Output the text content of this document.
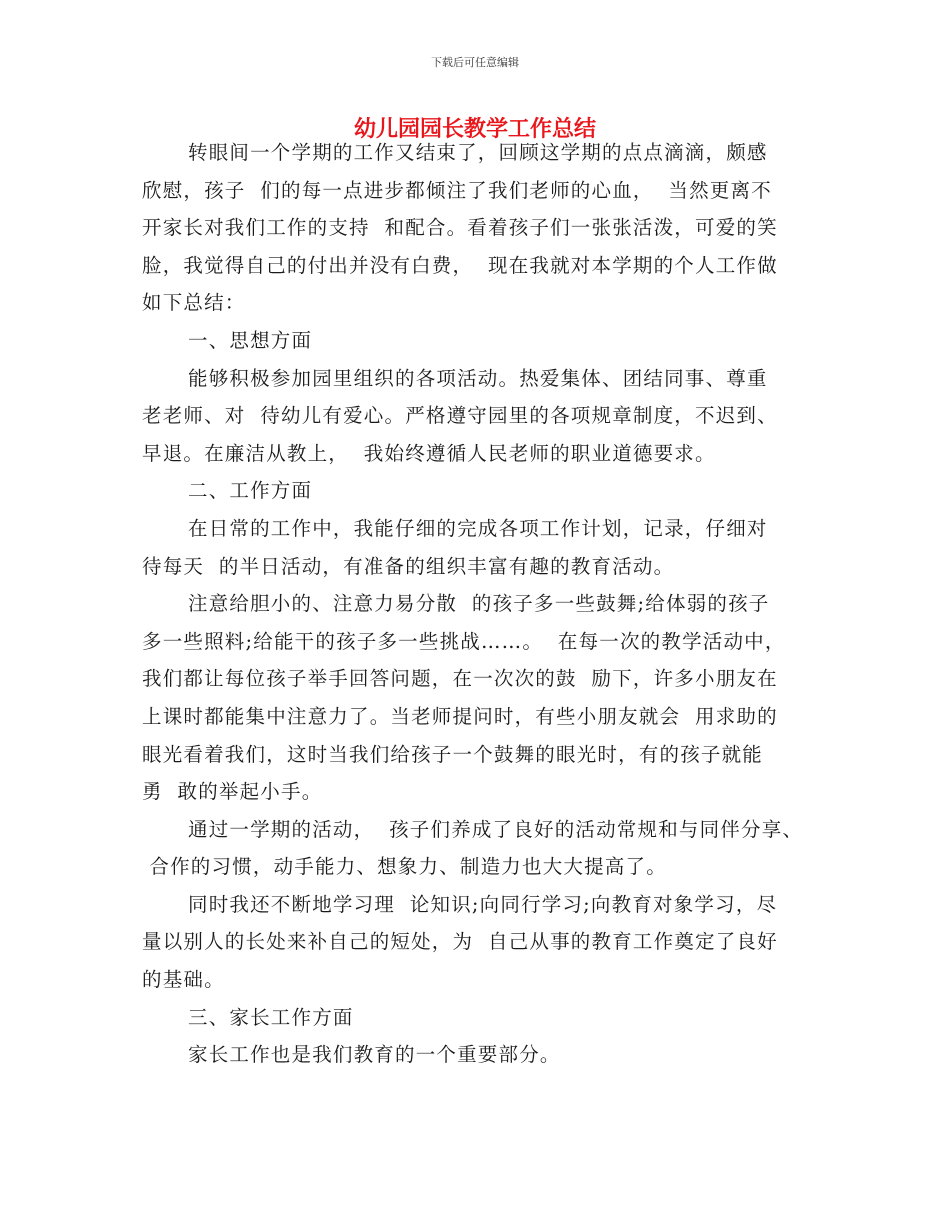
下载后可任意编辑
幼儿园园长教学工作总结
转眼间一个学期的工作又结束了，回顾这学期的点点滴滴，颇感
欣慰，孩子  们的每一点进步都倾注了我们老师的心血，  当然更离不
开家长对我们工作的支持  和配合。看着孩子们一张张活泼，可爱的笑
脸，我觉得自己的付出并没有白费，  现在我就对本学期的个人工作做
如下总结：
一、思想方面
能够积极参加园里组织的各项活动。热爱集体、团结同事、尊重
老老师、对  待幼儿有爱心。严格遵守园里的各项规章制度，不迟到、
早退。在廉洁从教上，  我始终遵循人民老师的职业道德要求。
二、工作方面
在日常的工作中，我能仔细的完成各项工作计划，记录，仔细对
待每天  的半日活动，有准备的组织丰富有趣的教育活动。
注意给胆小的、注意力易分散  的孩子多一些鼓舞;给体弱的孩子
多一些照料;给能干的孩子多一些挑战……。  在每一次的教学活动中，
我们都让每位孩子举手回答问题，在一次次的鼓  励下，许多小朋友在
上课时都能集中注意力了。当老师提问时，有些小朋友就会  用求助的
眼光看着我们，这时当我们给孩子一个鼓舞的眼光时，有的孩子就能
勇  敢的举起小手。
通过一学期的活动，  孩子们养成了良好的活动常规和与同伴分享、
合作的习惯，动手能力、想象力、制造力也大大提高了。
同时我还不断地学习理  论知识;向同行学习;向教育对象学习，尽
量以别人的长处来补自己的短处，为  自己从事的教育工作奠定了良好
的基础。
三、家长工作方面
家长工作也是我们教育的一个重要部分。
